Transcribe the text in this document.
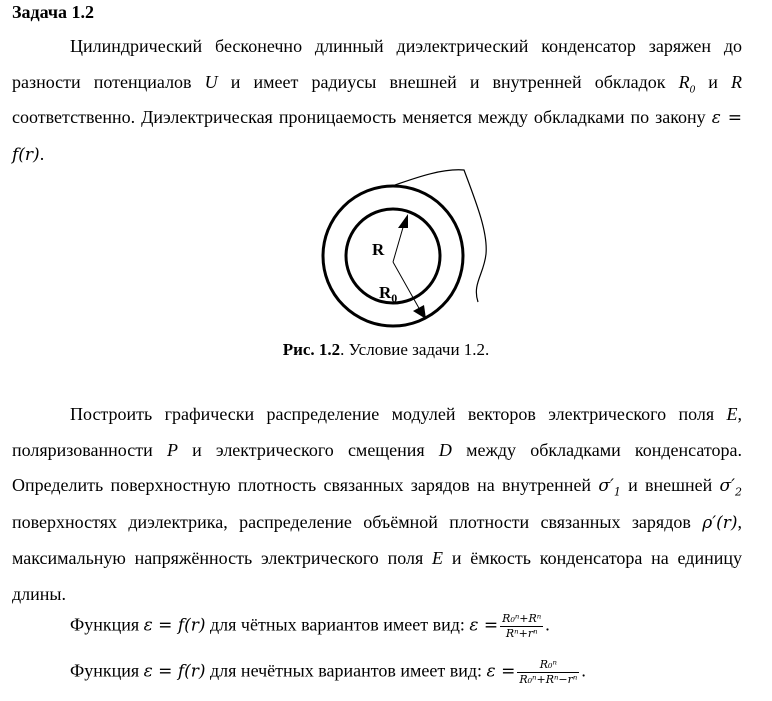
Задача 1.2
Цилиндрический бесконечно длинный диэлектрический конденсатор заряжен до разности потенциалов U и имеет радиусы внешней и внутренней обкладок $R_0$ и R соответственно. Диэлектрическая проницаемость меняется между обкладками по закону ε = f(r).
R
$R_0$
Рис. 1.2. Условие задачи 1.2.
Построить графически распределение модулей векторов электрического поля E, поляризованности P и электрического смещения D между обкладками конденсатора. Определить поверхностную плотность связанных зарядов на внутренней $\sigma'_1$ и внешней $\sigma'_2$ поверхностях диэлектрика, распределение объёмной плотности связанных зарядов ρ′(r), максимальную напряжённость электрического поля E и ёмкость конденсатора на единицу длины.
Функция ε = f(r) для чётных вариантов имеет вид: $\varepsilon = \frac{\text{R₀ⁿ+Rⁿ}}{\text{Rⁿ+rⁿ}}$ .
Функция ε = f(r) для нечётных вариантов имеет вид: $\varepsilon = \frac{\text{R₀ⁿ}}{\text{R₀ⁿ+Rⁿ−rⁿ}}$ .
